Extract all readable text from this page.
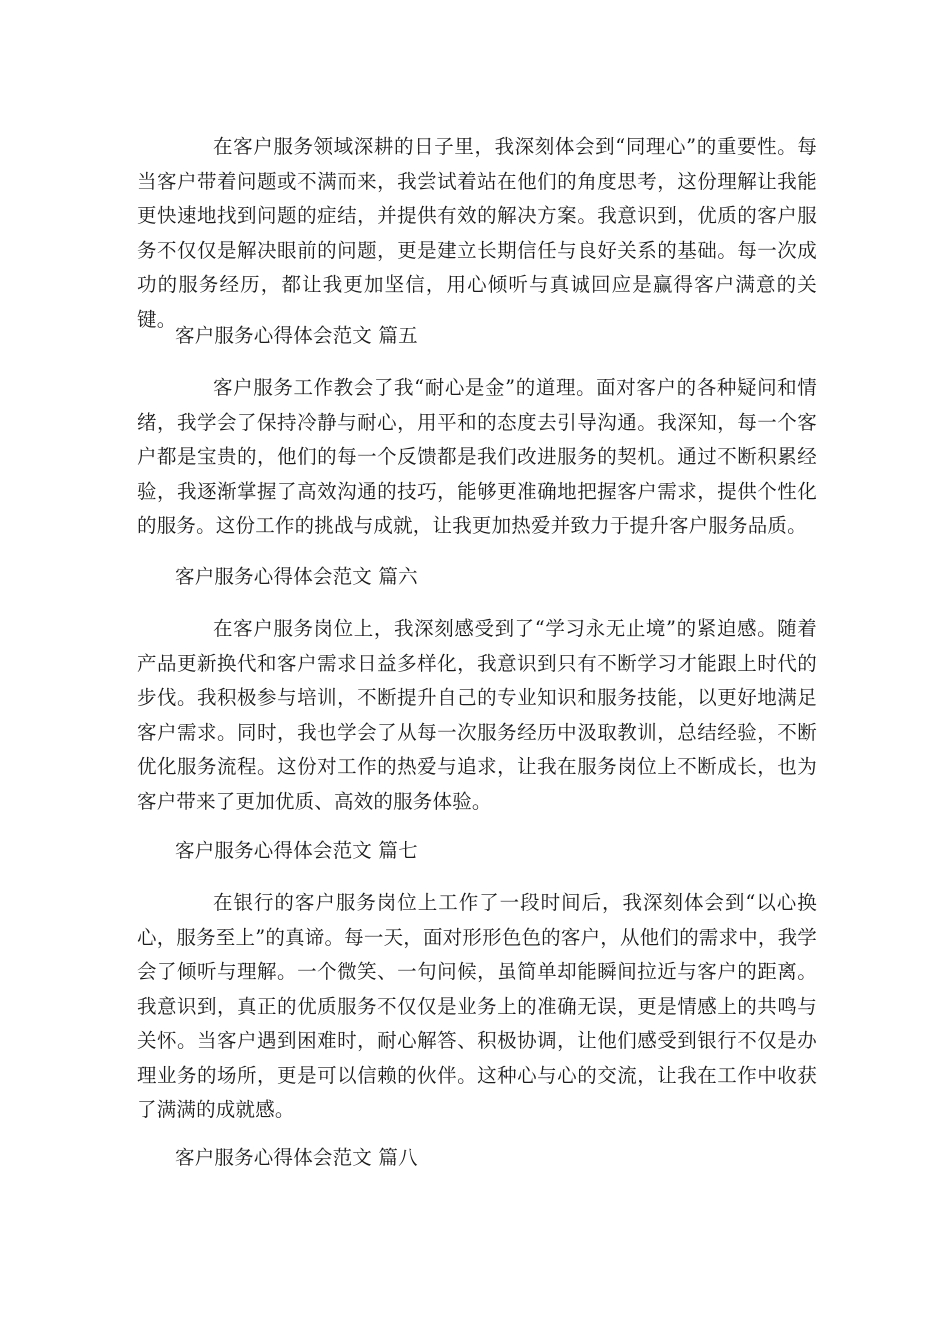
在客户服务领域深耕的日子里，我深刻体会到“同理心”的重要性。每当客户带着问题或不满而来，我尝试着站在他们的角度思考，这份理解让我能更快速地找到问题的症结，并提供有效的解决方案。我意识到，优质的客户服务不仅仅是解决眼前的问题，更是建立长期信任与良好关系的基础。每一次成功的服务经历，都让我更加坚信，用心倾听与真诚回应是赢得客户满意的关键。

客户服务心得体会范文 篇五

客户服务工作教会了我“耐心是金”的道理。面对客户的各种疑问和情绪，我学会了保持冷静与耐心，用平和的态度去引导沟通。我深知，每一个客户都是宝贵的，他们的每一个反馈都是我们改进服务的契机。通过不断积累经验，我逐渐掌握了高效沟通的技巧，能够更准确地把握客户需求，提供个性化的服务。这份工作的挑战与成就，让我更加热爱并致力于提升客户服务品质。

客户服务心得体会范文 篇六

在客户服务岗位上，我深刻感受到了“学习永无止境”的紧迫感。随着产品更新换代和客户需求日益多样化，我意识到只有不断学习才能跟上时代的步伐。我积极参与培训，不断提升自己的专业知识和服务技能，以更好地满足客户需求。同时，我也学会了从每一次服务经历中汲取教训，总结经验，不断优化服务流程。这份对工作的热爱与追求，让我在服务岗位上不断成长，也为客户带来了更加优质、高效的服务体验。

客户服务心得体会范文 篇七

在银行的客户服务岗位上工作了一段时间后，我深刻体会到“以心换心，服务至上”的真谛。每一天，面对形形色色的客户，从他们的需求中，我学会了倾听与理解。一个微笑、一句问候，虽简单却能瞬间拉近与客户的距离。我意识到，真正的优质服务不仅仅是业务上的准确无误，更是情感上的共鸣与关怀。当客户遇到困难时，耐心解答、积极协调，让他们感受到银行不仅是办理业务的场所，更是可以信赖的伙伴。这种心与心的交流，让我在工作中收获了满满的成就感。

客户服务心得体会范文 篇八
